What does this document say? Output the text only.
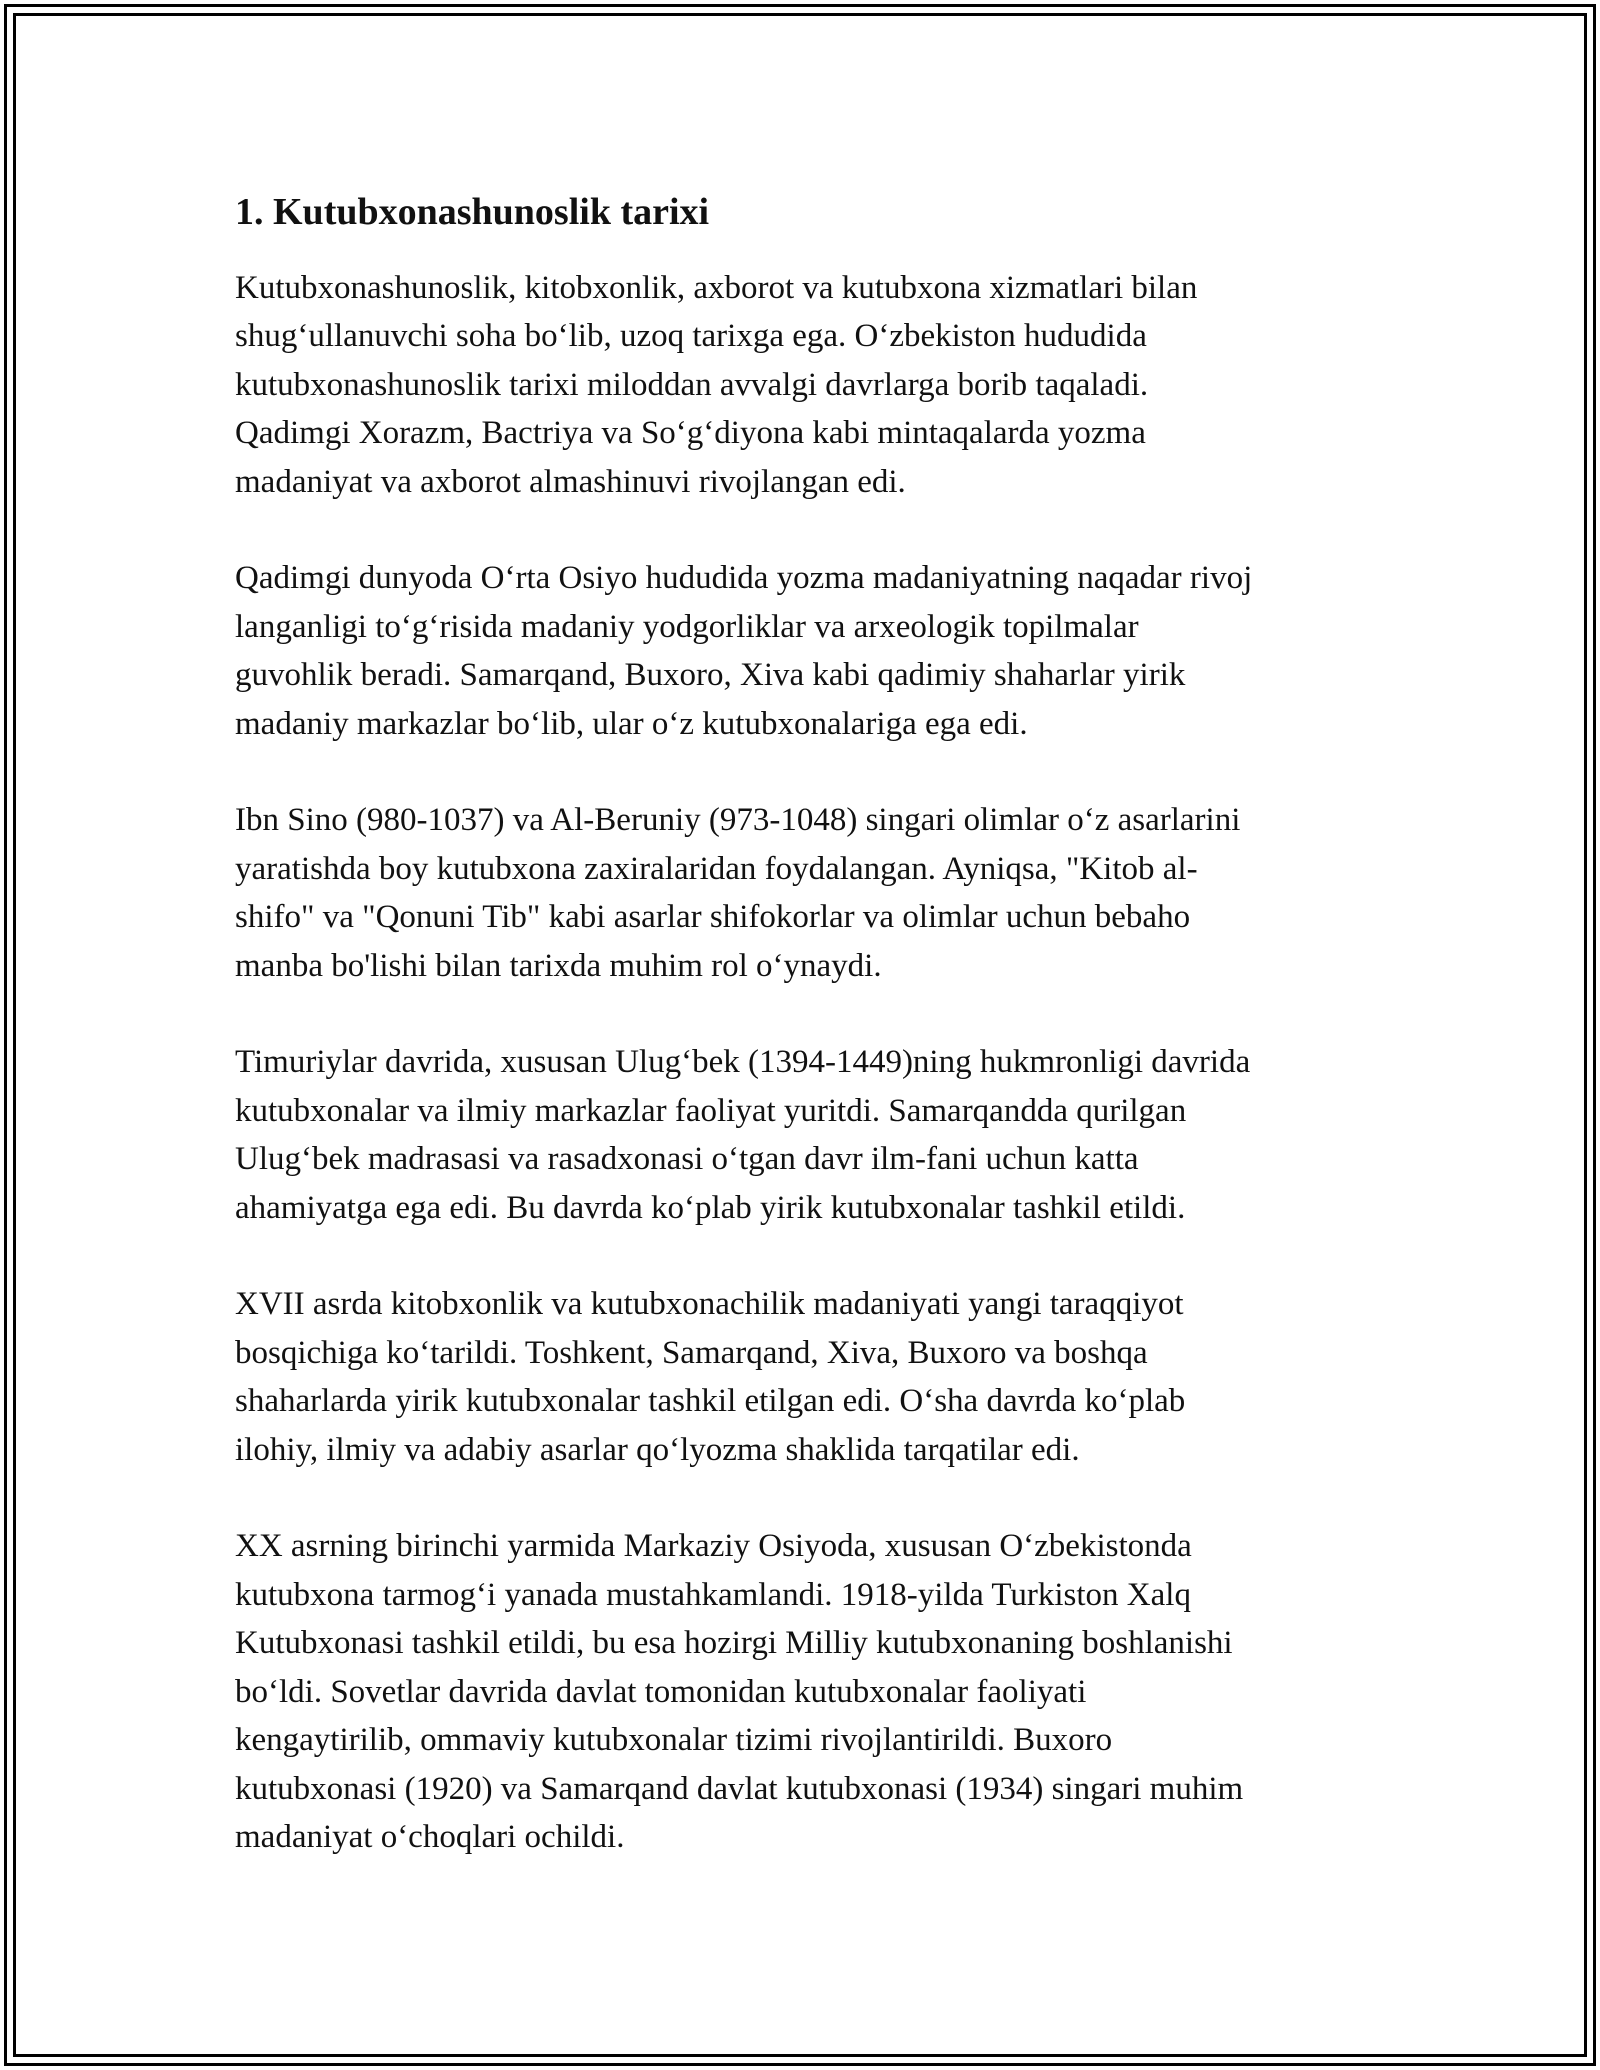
1. Kutubxonashunoslik tarixi

Kutubxonashunoslik, kitobxonlik, axborot va kutubxona xizmatlari bilan
shug‘ullanuvchi soha bo‘lib, uzoq tarixga ega. O‘zbekiston hududida
kutubxonashunoslik tarixi miloddan avvalgi davrlarga borib taqaladi.
Qadimgi Xorazm, Bactriya va So‘g‘diyona kabi mintaqalarda yozma
madaniyat va axborot almashinuvi rivojlangan edi.

Qadimgi dunyoda O‘rta Osiyo hududida yozma madaniyatning naqadar rivoj
langanligi to‘g‘risida madaniy yodgorliklar va arxeologik topilmalar
guvohlik beradi. Samarqand, Buxoro, Xiva kabi qadimiy shaharlar yirik
madaniy markazlar bo‘lib, ular o‘z kutubxonalariga ega edi.

Ibn Sino (980-1037) va Al-Beruniy (973-1048) singari olimlar o‘z asarlarini
yaratishda boy kutubxona zaxiralaridan foydalangan. Ayniqsa, "Kitob al-
shifo" va "Qonuni Tib" kabi asarlar shifokorlar va olimlar uchun bebaho
manba bo'lishi bilan tarixda muhim rol o‘ynaydi.

Timuriylar davrida, xususan Ulug‘bek (1394-1449)ning hukmronligi davrida
kutubxonalar va ilmiy markazlar faoliyat yuritdi. Samarqandda qurilgan
Ulug‘bek madrasasi va rasadxonasi o‘tgan davr ilm-fani uchun katta
ahamiyatga ega edi. Bu davrda ko‘plab yirik kutubxonalar tashkil etildi.

XVII asrda kitobxonlik va kutubxonachilik madaniyati yangi taraqqiyot
bosqichiga ko‘tarildi. Toshkent, Samarqand, Xiva, Buxoro va boshqa
shaharlarda yirik kutubxonalar tashkil etilgan edi. O‘sha davrda ko‘plab
ilohiy, ilmiy va adabiy asarlar qo‘lyozma shaklida tarqatilar edi.

XX asrning birinchi yarmida Markaziy Osiyoda, xususan O‘zbekistonda
kutubxona tarmog‘i yanada mustahkamlandi. 1918-yilda Turkiston Xalq
Kutubxonasi tashkil etildi, bu esa hozirgi Milliy kutubxonaning boshlanishi
bo‘ldi. Sovetlar davrida davlat tomonidan kutubxonalar faoliyati
kengaytirilib, ommaviy kutubxonalar tizimi rivojlantirildi. Buxoro
kutubxonasi (1920) va Samarqand davlat kutubxonasi (1934) singari muhim
madaniyat o‘choqlari ochildi.
